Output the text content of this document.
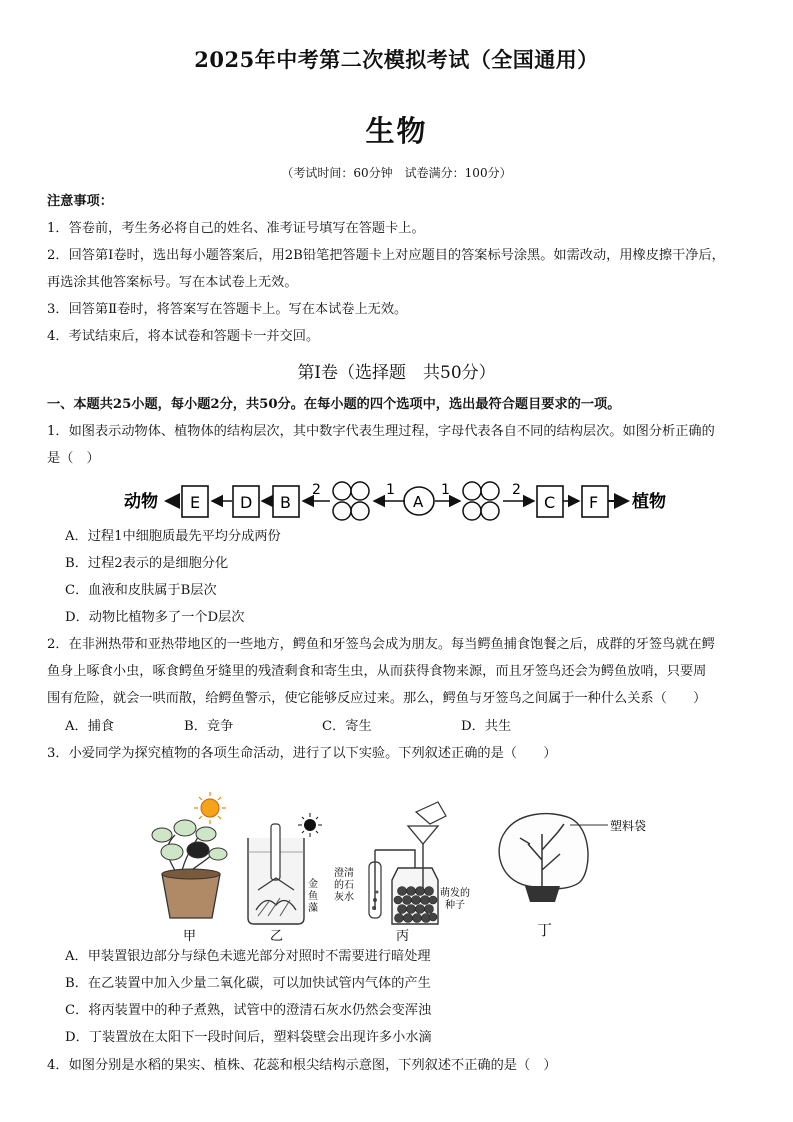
2025年中考第二次模拟考试（全国通用）
生物
（考试时间：60分钟　试卷满分：100分）
注意事项：
1．答卷前，考生务必将自己的姓名、准考证号填写在答题卡上。
2．回答第Ⅰ卷时，选出每小题答案后，用2B铅笔把答题卡上对应题目的答案标号涂黑。如需改动，用橡皮擦干净后，
再选涂其他答案标号。写在本试卷上无效。
3．回答第Ⅱ卷时，将答案写在答题卡上。写在本试卷上无效。
4．考试结束后，将本试卷和答题卡一并交回。
第Ⅰ卷（选择题　共50分）
一、本题共25小题，每小题2分，共50分。在每小题的四个选项中，选出最符合题目要求的一项。
1．如图表示动物体、植物体的结构层次，其中数字代表生理过程，字母代表各自不同的结构层次。如图分析正确的
是（　）
动物 E D B
2	1
A
1	2
C F 植物
A．过程1中细胞质最先平均分成两份
B．过程2表示的是细胞分化
C．血液和皮肤属于B层次
D．动物比植物多了一个D层次
2．在非洲热带和亚热带地区的一些地方，鳄鱼和牙签鸟会成为朋友。每当鳄鱼捕食饱餐之后，成群的牙签鸟就在鳄
鱼身上啄食小虫，啄食鳄鱼牙缝里的残渣剩食和寄生虫，从而获得食物来源，而且牙签鸟还会为鳄鱼放哨，只要周
围有危险，就会一哄而散，给鳄鱼警示，使它能够反应过来。那么，鳄鱼与牙签鸟之间属于一种什么关系（　　）
A．捕食	B．竞争	C．寄生	D．共生
3．小爱同学为探究植物的各项生命活动，进行了以下实验。下列叙述正确的是（　　）
甲	乙
金
鱼
藻
澄清
的石
灰水	萌发的
种子
丙
塑料袋
丁
A．甲装置银边部分与绿色未遮光部分对照时不需要进行暗处理
B．在乙装置中加入少量二氧化碳，可以加快试管内气体的产生
C．将丙装置中的种子煮熟，试管中的澄清石灰水仍然会变浑浊
D．丁装置放在太阳下一段时间后，塑料袋壁会出现许多小水滴
4．如图分别是水稻的果实、植株、花蕊和根尖结构示意图，下列叙述不正确的是（　）
